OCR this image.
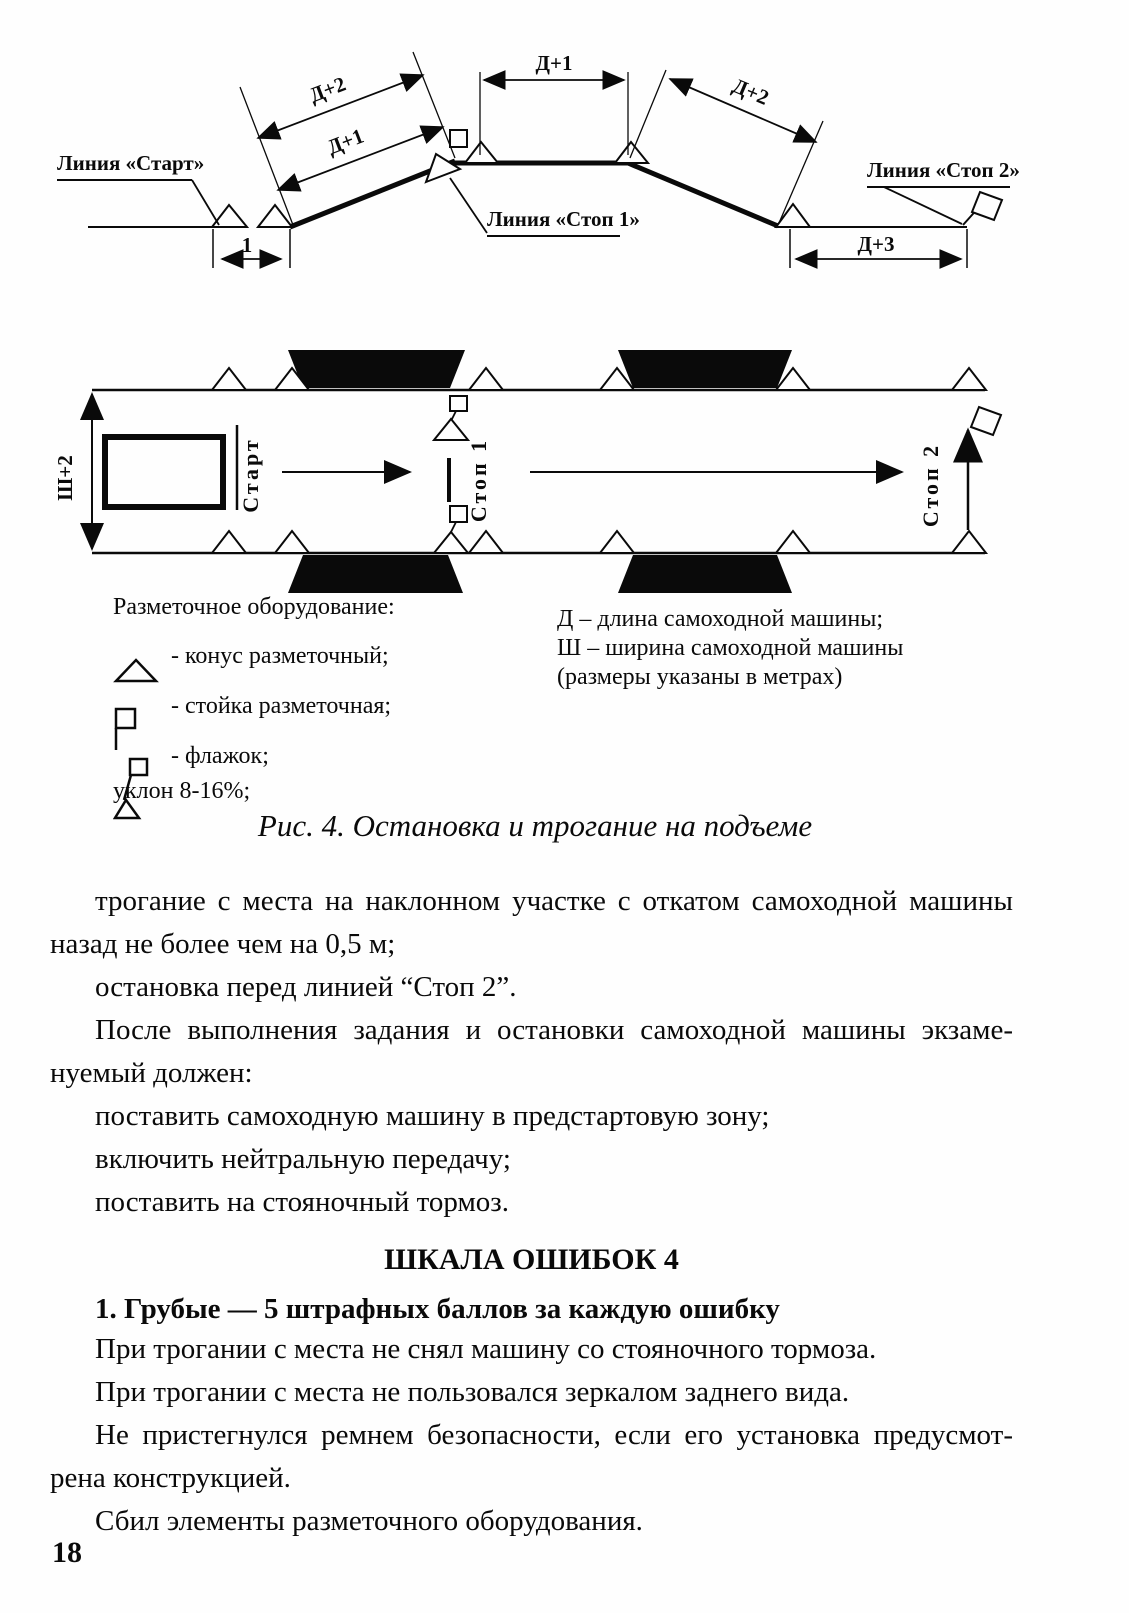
1
Д+2
Д+1
Д+1
Д+2
Д+3
Линия «Старт»
Линия «Стоп 1»
Линия «Стоп 2»
Ш+2	Старт	Стоп 1	Стоп 2
Разметочное оборудование:
- конус разметочный;
- стойка разметочная;
- флажок;
уклон 8-16%;
Д – длина самоходной машины;
Ш – ширина самоходной машины
(размеры указаны в метрах)
Рис. 4. Остановка и трогание на подъеме
трогание с места на наклонном участке с откатом самоходной машины
назад не более чем на 0,5 м;
остановка перед линией “Стоп 2”.
После выполнения задания и остановки самоходной машины экзаме-
нуемый должен:
поставить самоходную машину в предстартовую зону;
включить нейтральную передачу;
поставить на стояночный тормоз.
ШКАЛА ОШИБОК 4
1. Грубые — 5 штрафных баллов за каждую ошибку
При трогании с места не снял машину со стояночного тормоза.
При трогании с места не пользовался зеркалом заднего вида.
Не пристегнулся ремнем безопасности, если его установка предусмот-
рена конструкцией.
Сбил элементы разметочного оборудования.
18
